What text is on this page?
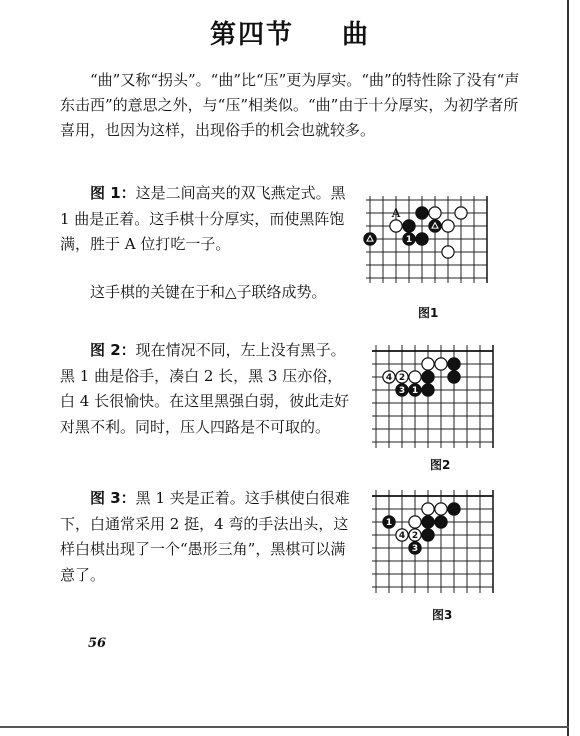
第四节 曲

“曲”又称“拐头”。“曲”比“压”更为厚实。“曲”的特性除了没有“声东击西”的意思之外，与“压”相类似。“曲”由于十分厚实，为初学者所喜用，也因为这样，出现俗手的机会也就较多。

图 1：这是二间高夹的双飞燕定式。黑 1 曲是正着。这手棋十分厚实，而使黑阵饱满，胜于 A 位打吃一子。

这手棋的关键在于和△子联络成势。

图 2：现在情况不同，左上没有黑子。黑 1 曲是俗手，凑白 2 长，黑 3 压亦俗，白 4 长很愉快。在这里黑强白弱，彼此走好对黑不利。同时，压人四路是不可取的。

图 3：黑 1 夹是正着。这手棋使白很难下，白通常采用 2 挺，4 弯的手法出头，这样白棋出现了一个“愚形三角”，黑棋可以满意了。

A
1
图1
4 2
3 1
图2
1
4 2
3
图3
56
